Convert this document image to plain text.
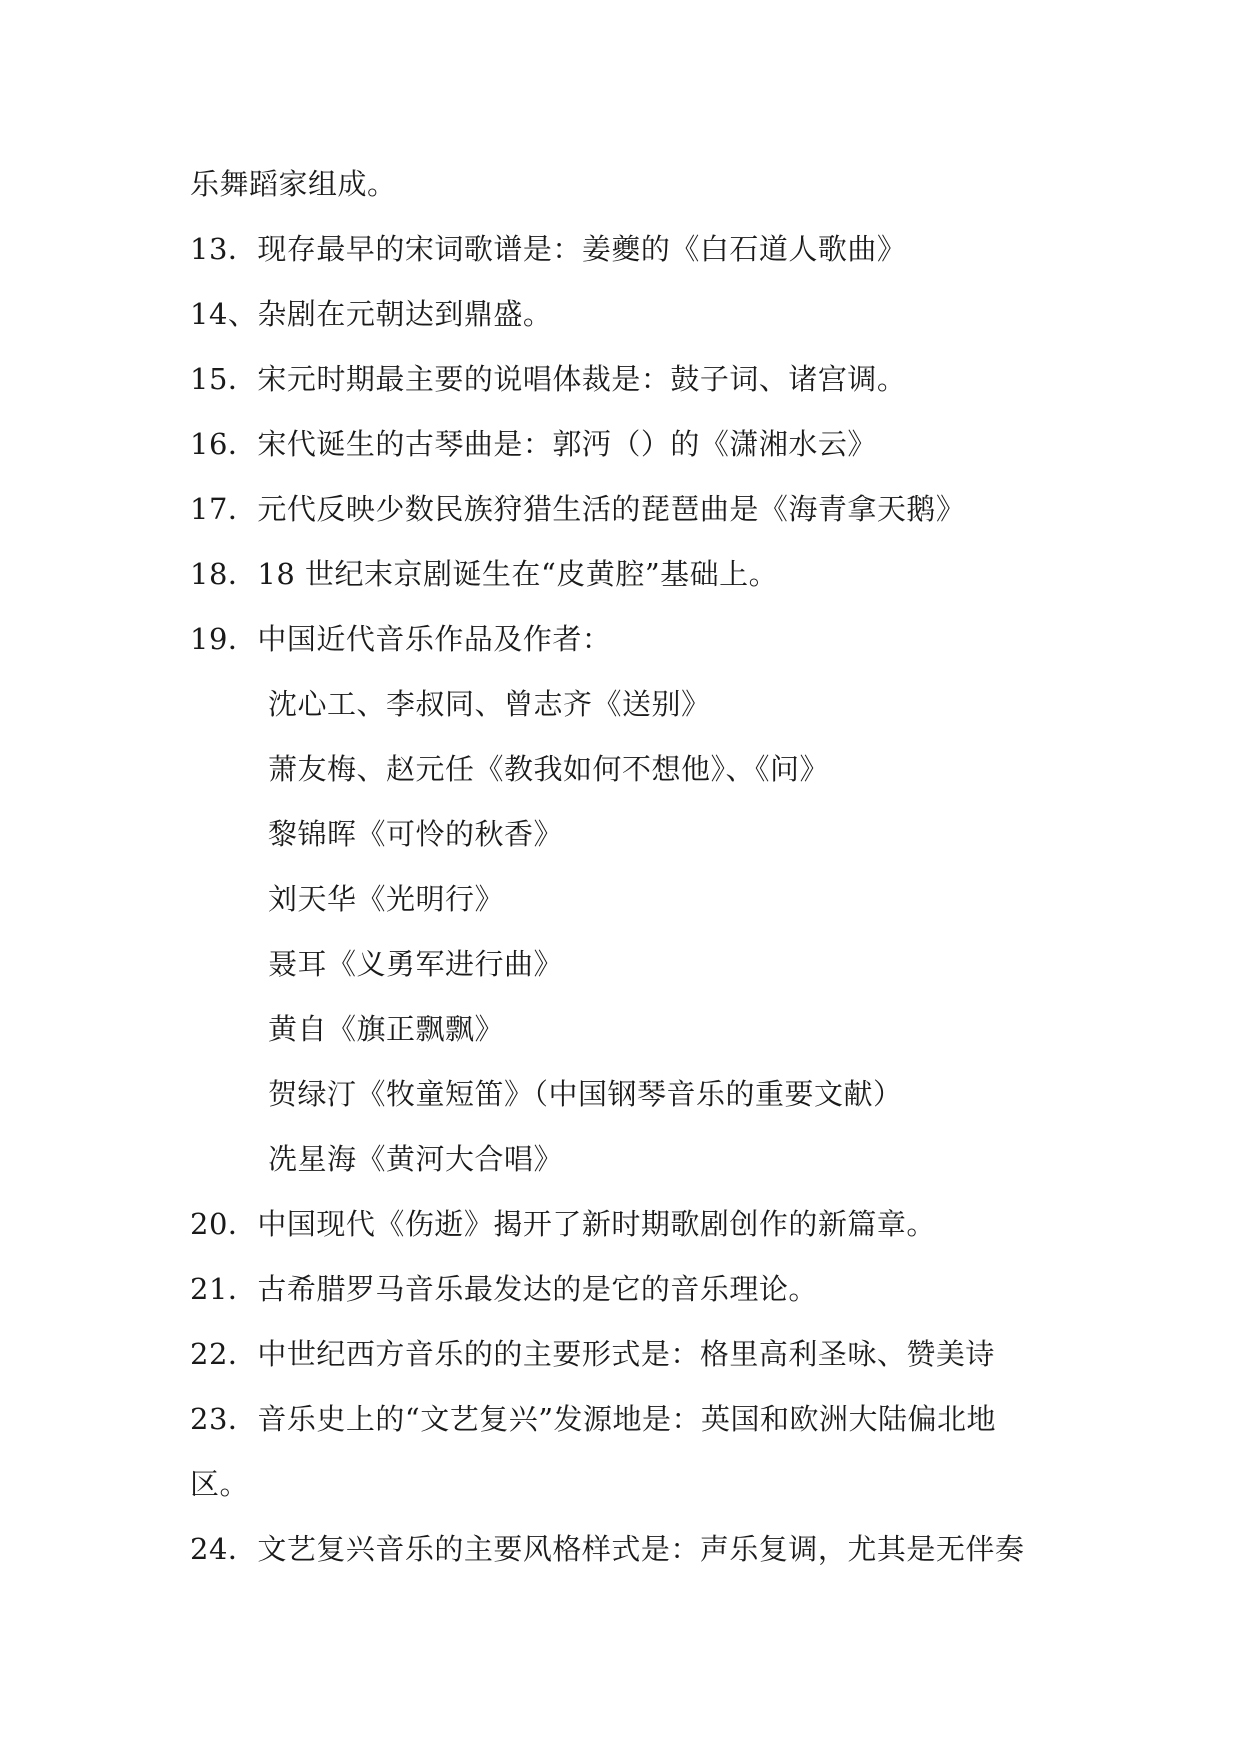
乐舞蹈家组成。
13．现存最早的宋词歌谱是：姜夔的《白石道人歌曲》
14、杂剧在元朝达到鼎盛。
15．宋元时期最主要的说唱体裁是：鼓子词、诸宫调。
16．宋代诞生的古琴曲是：郭沔（）的《潇湘水云》
17．元代反映少数民族狩猎生活的琵琶曲是《海青拿天鹅》
18．18 世纪末京剧诞生在“皮黄腔”基础上。
19．中国近代音乐作品及作者：
沈心工、李叔同、曾志齐《送别》
萧友梅、赵元任《教我如何不想他》、《问》
黎锦晖《可怜的秋香》
刘天华《光明行》
聂耳《义勇军进行曲》
黄自《旗正飘飘》
贺绿汀《牧童短笛》（中国钢琴音乐的重要文献）
冼星海《黄河大合唱》
20．中国现代《伤逝》揭开了新时期歌剧创作的新篇章。
21．古希腊罗马音乐最发达的是它的音乐理论。
22．中世纪西方音乐的的主要形式是：格里高利圣咏、赞美诗
23．音乐史上的“文艺复兴”发源地是：英国和欧洲大陆偏北地
区。
24．文艺复兴音乐的主要风格样式是：声乐复调，尤其是无伴奏
